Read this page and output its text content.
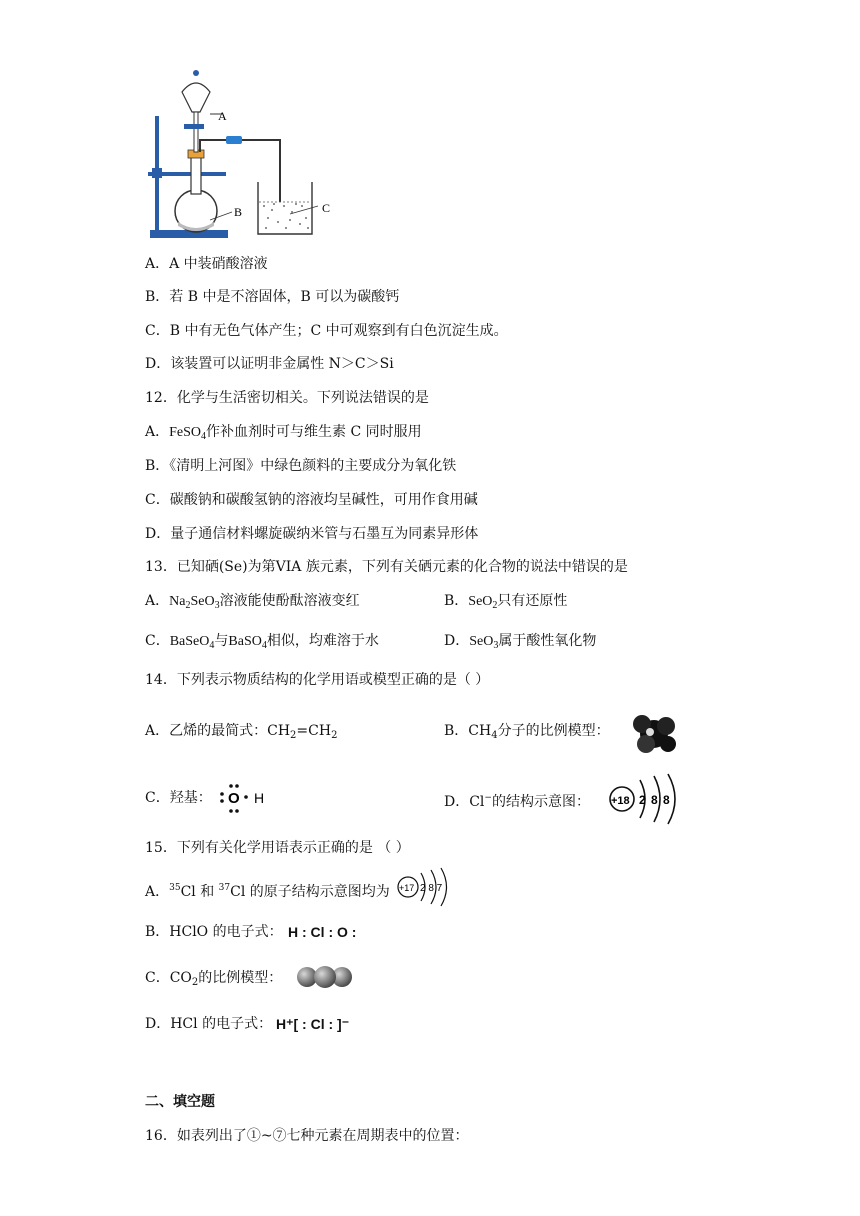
A
B	C
A．A 中装硝酸溶液
B．若 B 中是不溶固体，B 可以为碳酸钙
C．B 中有无色气体产生；C 中可观察到有白色沉淀生成。
D．该装置可以证明非金属性 N＞C＞Si
12．化学与生活密切相关。下列说法错误的是
A．FeSO$_4$作补血剂时可与维生素 C 同时服用
B．《清明上河图》中绿色颜料的主要成分为氧化铁
C．碳酸钠和碳酸氢钠的溶液均呈碱性，可用作食用碱
D．量子通信材料螺旋碳纳米管与石墨互为同素异形体
13．已知硒(Se)为第VIA 族元素，下列有关硒元素的化合物的说法中错误的是
A．$Na_2SeO_3$溶液能使酚酞溶液变红	B．SeO$_2$只有还原性
C．BaSeO$_4$与BaSO$_4$相似，均难溶于水	D．SeO$_3$属于酸性氧化物
14．下列表示物质结构的化学用语或模型正确的是（ ）
A．乙烯的最简式：$CH_2=CH_2$	B．$CH_4$分子的比例模型：
C．羟基： O H	D．Cl−的结构示意图： +18 2 8 8
15．下列有关化学用语表示正确的是 （ ）
A．$^{35}$Cl 和 $^{37}$Cl 的原子结构示意图均为 +17 2 8 7
B．HClO 的电子式： H : Cl : O :
C．$CO_2$的比例模型：
D．HCl 的电子式： H⁺[ : Cl : ]⁻
二、填空题
16．如表列出了①~⑦七种元素在周期表中的位置：
